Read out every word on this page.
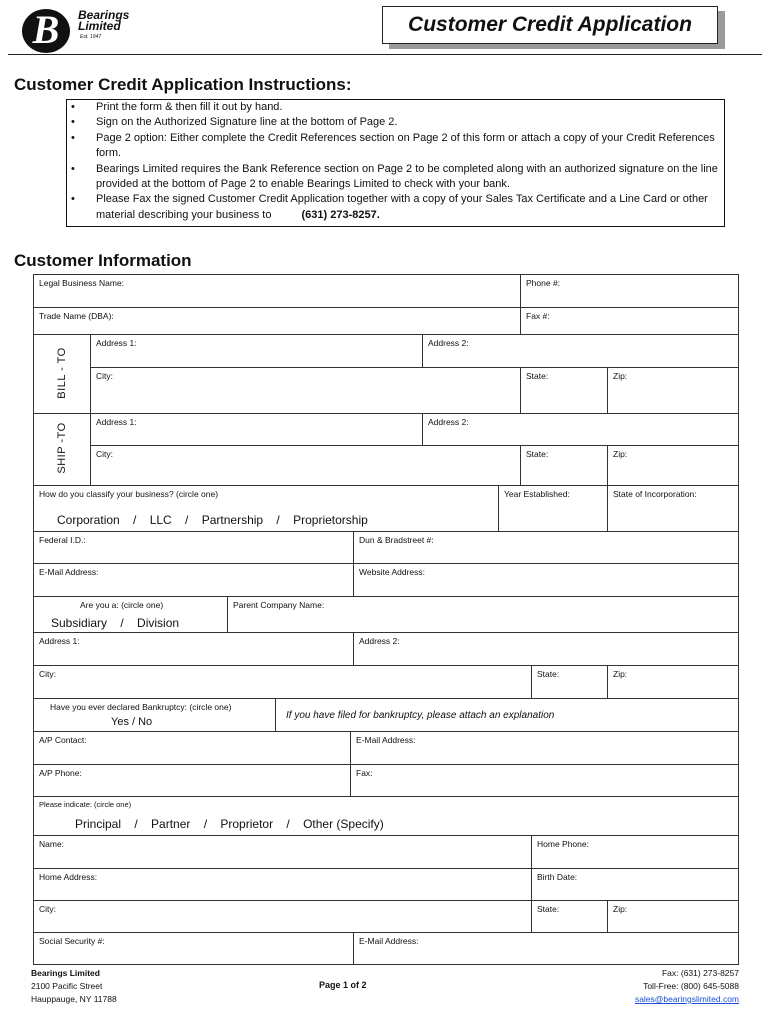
B	Bearings
Limited
Est. 1947
Customer Credit Application
Customer Credit Application Instructions:
• Print the form & then fill it out by hand.
• Sign on the Authorized Signature line at the bottom of Page 2.
• Page 2 option: Either complete the Credit References section on Page 2 of this form or attach a copy of your Credit References form.
• Bearings Limited requires the Bank Reference section on Page 2 to be completed along with an authorized signature on the line provided at the bottom of Page 2 to enable Bearings Limited to check with your bank.
• Please Fax the signed Customer Credit Application together with a copy of your Sales Tax Certificate and a Line Card or other material describing your business to	(631) 273-8257.
Customer Information
Legal Business Name:	Phone #:
Trade Name (DBA):	Fax #:
BILL - TO
Address 1:	Address 2:
City:	State:	Zip:
SHIP -TO
Address 1:	Address 2:
City:	State:	Zip:
How do you classify your business? (circle one)
Corporation    /    LLC    /    Partnership    /    Proprietorship
Year Established:	State of Incorporation:
Federal I.D.:	Dun & Bradstreet #:
E-Mail Address:	Website Address:
Are you a: (circle one)
Subsidiary    /    Division
Parent Company Name:
Address 1:	Address 2:
City:	State:	Zip:
Have you ever declared Bankruptcy: (circle one)
Yes / No
If you have filed for bankruptcy, please attach an explanation
A/P Contact:	E-Mail Address:
A/P Phone:	Fax:
Please indicate: (circle one)
Principal    /    Partner    /    Proprietor    /    Other (Specify)
Name:	Home Phone:
Home Address:	Birth Date:
City:	State:	Zip:
Social Security #:	E-Mail Address:
Bearings Limited
2100 Pacific Street
Hauppauge, NY 11788
Page 1 of 2
Fax: (631) 273-8257
Toll-Free: (800) 645-5088
sales@bearingslimited.com
